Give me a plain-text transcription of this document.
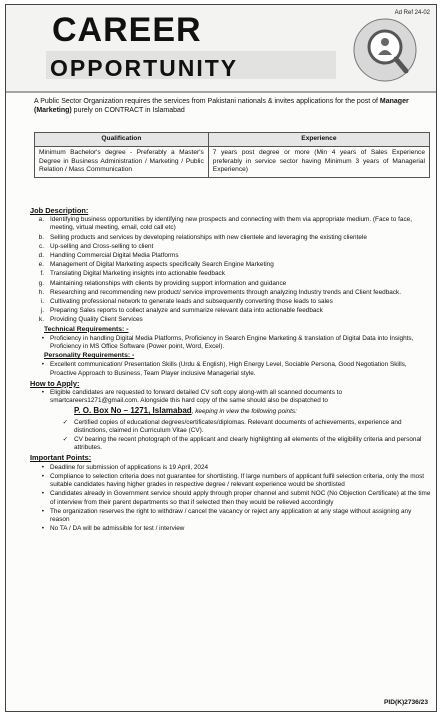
CAREER
OPPORTUNITY
Ad Ref 24-02
A Public Sector Organization requires the services from Pakistani nationals & invites applications for the post of Manager (Marketing) purely on CONTRACT in Islamabad
Qualification	Experience
Minimum Bachelor's degree - Preferably a Master's Degree in Business Administration / Marketing / Public Relation / Mass Communication	7 years post degree or more (Min 4 years of Sales Experience preferably in service sector having Minimum 3 years of Managerial Experience)
Job Description:
a. Identifying business opportunities by identifying new prospects and connecting with them via appropriate medium. (Face to face, meeting, virtual meeting, email, cold call etc)
b. Selling products and services by developing relationships with new clientele and leveraging the existing clientele
c. Up-selling and Cross-selling to client
d. Handling Commercial Digital Media Platforms
e. Management of Digital Marketing aspects specifically Search Engine Marketing
f. Translating Digital Marketing insights into actionable feedback
g. Maintaining relationships with clients by providing support information and guidance
h. Researching and recommending new product/ service improvements through analyzing Industry trends and Client feedback.
i. Cultivating professional network to generate leads and subsequently converting those leads to sales
j. Preparing Sales reports to collect analyze and summarize relevant data into actionable feedback
k. Providing Quality Client Services
Technical Requirements: -
• Proficiency in handling Digital Media Platforms, Proficiency in Search Engine Marketing & translation of Digital Data into Insights, Proficiency in MS Office Software (Power point, Word, Excel).
Personality Requirements: -
• Excellent communication/ Presentation Skills (Urdu & English), High Energy Level, Sociable Persona, Good Negotiation Skills, Proactive Approach to Business, Team Player inclusive Managerial style.
How to Apply:
• Eligible candidates are requested to forward detailed CV soft copy along-with all scanned documents to smartcareers1271@gmail.com. Alongside this hard copy of the same should also be dispatched to
P. O. Box No – 1271, Islamabad, keeping in view the following points:
✓ Certified copies of educational degrees/certificates/diplomas. Relevant documents of achievements, experience and distinctions, claimed in Curriculum Vitae (CV).
✓ CV bearing the recent photograph of the applicant and clearly highlighting all elements of the eligibility criteria and personal attributes.
Important Points:
• Deadline for submission of applications is 19 April, 2024
• Compliance to selection criteria does not guarantee for shortlisting. If large numbers of applicant fulfil selection criteria, only the most suitable candidates having higher grades in respective degree / relevant experience would be shortlisted
• Candidates already in Government service should apply through proper channel and submit NOC (No Objection Certificate) at the time of interview from their parent departments so that if selected then they would be relieved accordingly
• The organization reserves the right to withdraw / cancel the vacancy or reject any application at any stage without assigning any reason
• No TA / DA will be admissible for test / interview
PID(K)2736/23
